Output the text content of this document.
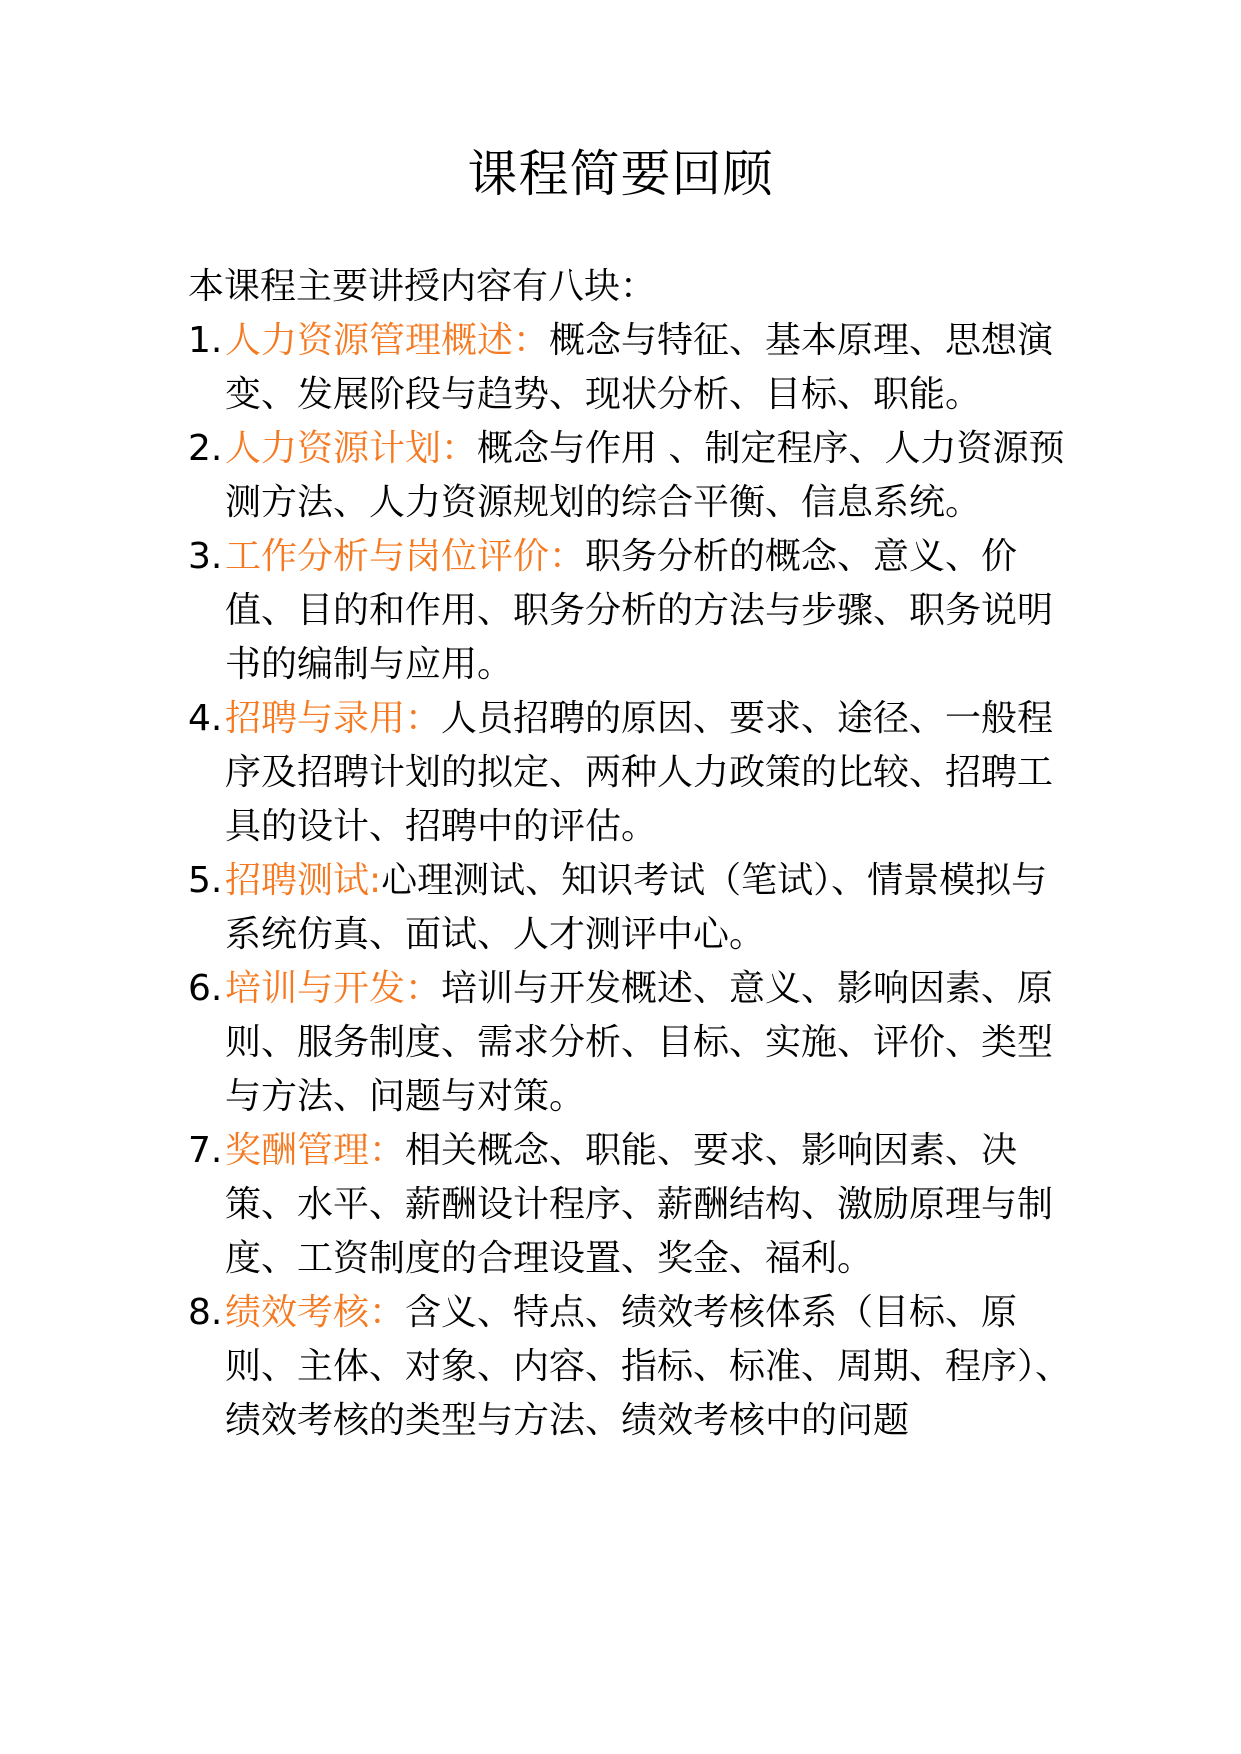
课程简要回顾

本课程主要讲授内容有八块：

1. 人力资源管理概述：概念与特征、基本原理、思想演变、发展阶段与趋势、现状分析、目标、职能。
2. 人力资源计划：概念与作用 、制定程序、人力资源预测方法、人力资源规划的综合平衡、信息系统。
3. 工作分析与岗位评价：职务分析的概念、意义、价值、目的和作用、职务分析的方法与步骤、职务说明书的编制与应用。
4. 招聘与录用：人员招聘的原因、要求、途径、一般程序及招聘计划的拟定、两种人力政策的比较、招聘工具的设计、招聘中的评估。
5. 招聘测试:心理测试、知识考试（笔试）、情景模拟与系统仿真、面试、人才测评中心。
6. 培训与开发：培训与开发概述、意义、影响因素、原则、服务制度、需求分析、目标、实施、评价、类型与方法、问题与对策。
7. 奖酬管理：相关概念、职能、要求、影响因素、决策、水平、薪酬设计程序、薪酬结构、激励原理与制度、工资制度的合理设置、奖金、福利。
8. 绩效考核：含义、特点、绩效考核体系（目标、原则、主体、对象、内容、指标、标准、周期、程序）、绩效考核的类型与方法、绩效考核中的问题
